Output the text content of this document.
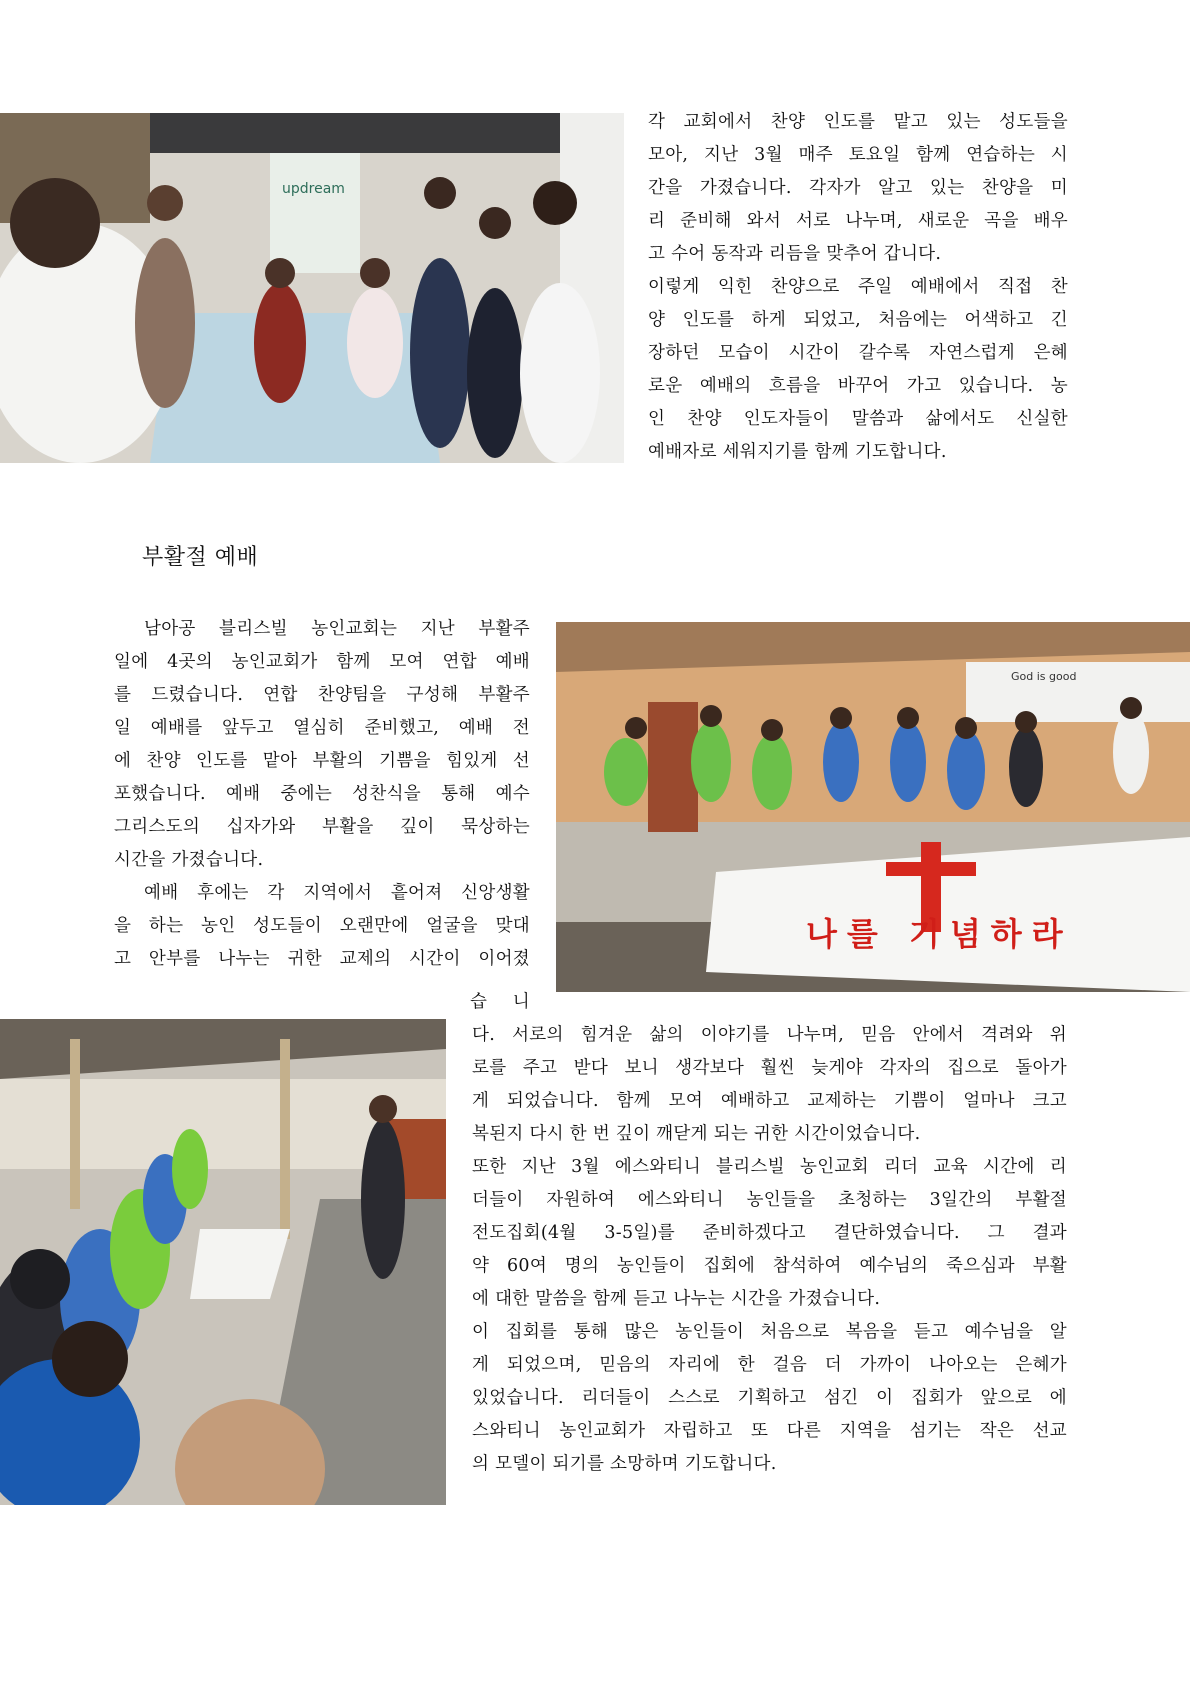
updream
각 교회에서 찬양 인도를 맡고 있는 성도들을
모아, 지난 3월 매주 토요일 함께 연습하는 시
간을 가졌습니다. 각자가 알고 있는 찬양을 미
리 준비해 와서 서로 나누며, 새로운 곡을 배우
고 수어 동작과 리듬을 맞추어 갑니다.
이렇게 익힌 찬양으로 주일 예배에서 직접 찬
양 인도를 하게 되었고, 처음에는 어색하고 긴
장하던 모습이 시간이 갈수록 자연스럽게 은혜
로운 예배의 흐름을 바꾸어 가고 있습니다. 농
인 찬양 인도자들이 말씀과 삶에서도 신실한
예배자로 세워지기를 함께 기도합니다.
부활절 예배
남아공 블리스빌 농인교회는 지난 부활주
일에 4곳의 농인교회가 함께 모여 연합 예배
를 드렸습니다. 연합 찬양팀을 구성해 부활주
일 예배를 앞두고 열심히 준비했고, 예배 전
에 찬양 인도를 맡아 부활의 기쁨을 힘있게 선
포했습니다. 예배 중에는 성찬식을 통해 예수
그리스도의 십자가와 부활을 깊이 묵상하는
시간을 가졌습니다.
예배 후에는 각 지역에서 흩어져 신앙생활
을 하는 농인 성도들이 오랜만에 얼굴을 맞대
고 안부를 나누는 귀한 교제의 시간이 이어졌
습 니
God is good
나를 기념하라
다. 서로의 힘겨운 삶의 이야기를 나누며, 믿음 안에서 격려와 위
로를 주고 받다 보니 생각보다 훨씬 늦게야 각자의 집으로 돌아가
게 되었습니다. 함께 모여 예배하고 교제하는 기쁨이 얼마나 크고
복된지 다시 한 번 깊이 깨닫게 되는 귀한 시간이었습니다.
또한 지난 3월 에스와티니 블리스빌 농인교회 리더 교육 시간에 리
더들이 자원하여 에스와티니 농인들을 초청하는 3일간의 부활절
전도집회(4월 3-5일)를 준비하겠다고 결단하였습니다. 그 결과
약 60여 명의 농인들이 집회에 참석하여 예수님의 죽으심과 부활
에 대한 말씀을 함께 듣고 나누는 시간을 가졌습니다.
이 집회를 통해 많은 농인들이 처음으로 복음을 듣고 예수님을 알
게 되었으며, 믿음의 자리에 한 걸음 더 가까이 나아오는 은혜가
있었습니다. 리더들이 스스로 기획하고 섬긴 이 집회가 앞으로 에
스와티니 농인교회가 자립하고 또 다른 지역을 섬기는 작은 선교
의 모델이 되기를 소망하며 기도합니다.
